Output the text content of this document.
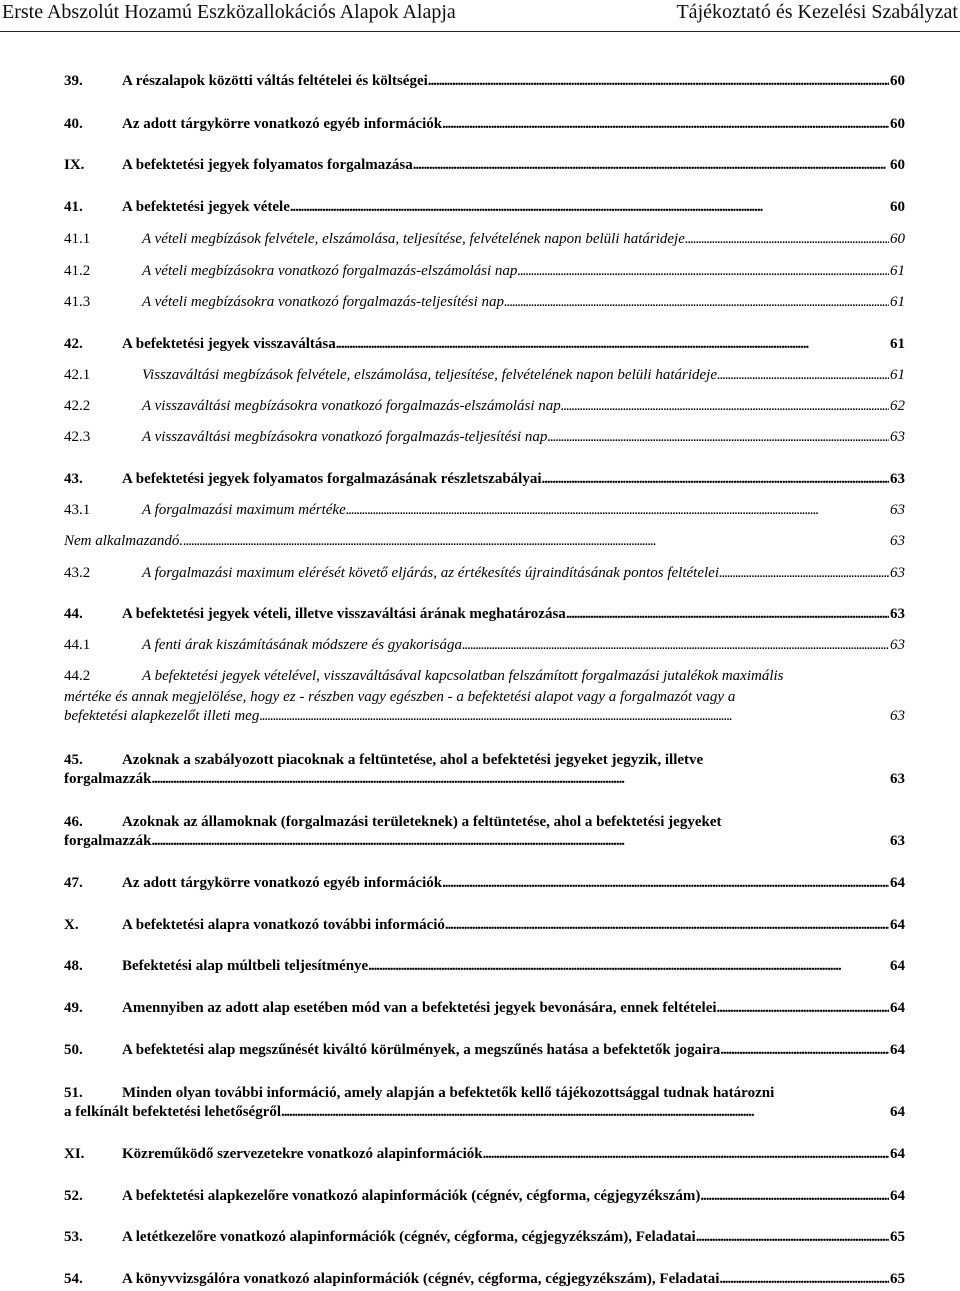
Erste Abszolút Hozamú Eszközallokációs Alapok Alapja	Tájékoztató és Kezelési Szabályzat
39.	A részalapok közötti váltás feltételei és költségei . . .	60
40.	Az adott tárgykörre vonatkozó egyéb információk . . .	60
IX.	A befektetési jegyek folyamatos forgalmazása . . .	60
41.	A befektetési jegyek vétele . . .	60
41.1	A vételi megbízások felvétele, elszámolása, teljesítése, felvételének napon belüli határideje . . .	60
41.2	A vételi megbízásokra vonatkozó forgalmazás-elszámolási nap . . .	61
41.3	A vételi megbízásokra vonatkozó forgalmazás-teljesítési nap . . .	61
42.	A befektetési jegyek visszaváltása . . .	61
42.1	Visszaváltási megbízások felvétele, elszámolása, teljesítése, felvételének napon belüli határideje . . .	61
42.2	A visszaváltási megbízásokra vonatkozó forgalmazás-elszámolási nap . . .	62
42.3	A visszaváltási megbízásokra vonatkozó forgalmazás-teljesítési nap . . .	63
43.	A befektetési jegyek folyamatos forgalmazásának részletszabályai . . .	63
43.1	A forgalmazási maximum mértéke . . .	63
Nem alkalmazandó. . . .	63
43.2	A forgalmazási maximum elérését követő eljárás, az értékesítés újraindításának pontos feltételei . . .	63
44.	A befektetési jegyek vételi, illetve visszaváltási árának meghatározása . . .	63
44.1	A fenti árak kiszámításának módszere és gyakorisága . . .	63
44.2	A befektetési jegyek vételével, visszaváltásával kapcsolatban felszámított forgalmazási jutalékok maximális
mértéke és annak megjelölése, hogy ez - részben vagy egészben - a befektetési alapot vagy a forgalmazót vagy a
befektetési alapkezelőt illeti meg . . .	63
45.	Azoknak a szabályozott piacoknak a feltüntetése, ahol a befektetési jegyeket jegyzik, illetve
forgalmazzák . . .	63
46.	Azoknak az államoknak (forgalmazási területeknek) a feltüntetése, ahol a befektetési jegyeket
forgalmazzák . . .	63
47.	Az adott tárgykörre vonatkozó egyéb információk . . .	64
X.	A befektetési alapra vonatkozó további információ . . .	64
48.	Befektetési alap múltbeli teljesítménye . . .	64
49.	Amennyiben az adott alap esetében mód van a befektetési jegyek bevonására, ennek feltételei . . .	64
50.	A befektetési alap megszűnését kiváltó körülmények, a megszűnés hatása a befektetők jogaira . . .	64
51.	Minden olyan további információ, amely alapján a befektetők kellő tájékozottsággal tudnak határozni
a felkínált befektetési lehetőségről . . .	64
XI.	Közreműködő szervezetekre vonatkozó alapinformációk . . .	64
52.	A befektetési alapkezelőre vonatkozó alapinformációk (cégnév, cégforma, cégjegyzékszám) . . .	64
53.	A letétkezelőre vonatkozó alapinformációk (cégnév, cégforma, cégjegyzékszám), Feladatai . . .	65
54.	A könyvvizsgálóra vonatkozó alapinformációk (cégnév, cégforma, cégjegyzékszám), Feladatai . . .	65
